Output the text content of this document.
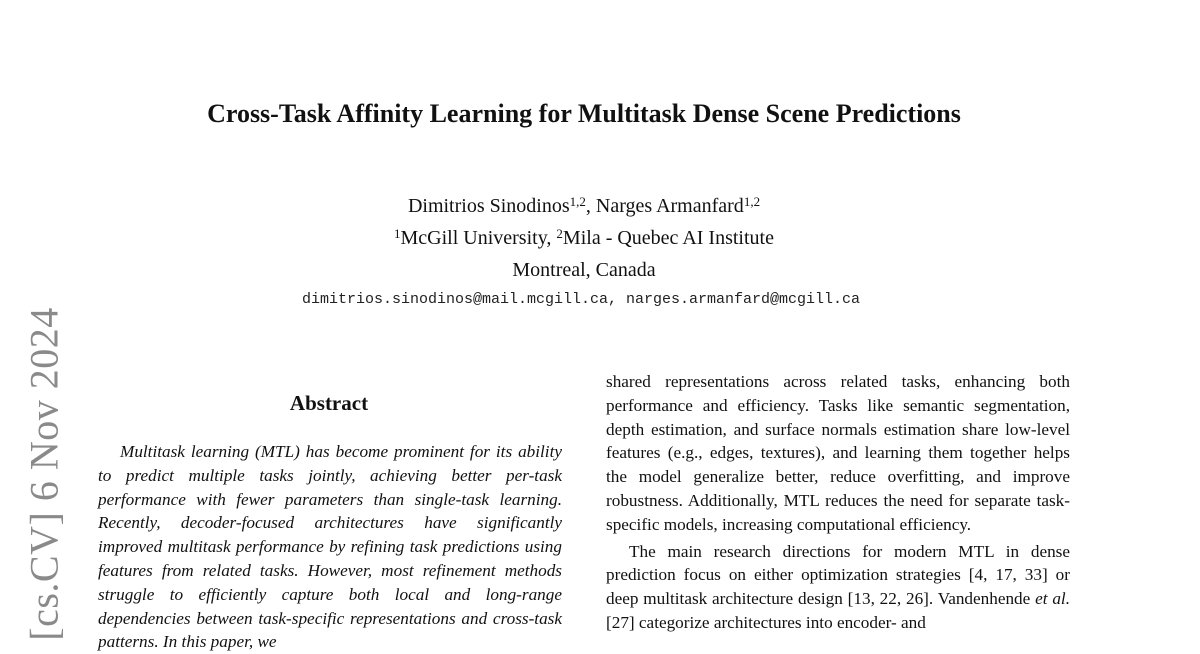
[cs.CV] 6 Nov 2024
Cross-Task Affinity Learning for Multitask Dense Scene Predictions
Dimitrios Sinodinos$^{1,2}$, Narges Armanfard$^{1,2}$
$^1$McGill University, $^2$Mila - Quebec AI Institute
Montreal, Canada
dimitrios.sinodinos@mail.mcgill.ca, narges.armanfard@mcgill.ca
Abstract

Multitask learning (MTL) has become prominent for its ability to predict multiple tasks jointly, achieving better per-task performance with fewer parameters than single-task learning. Recently, decoder-focused architectures have significantly improved multitask performance by refining task predictions using features from related tasks. However, most refinement methods struggle to efficiently capture both local and long-range dependencies between task-specific representations and cross-task patterns. In this paper, we

shared representations across related tasks, enhancing both performance and efficiency. Tasks like semantic segmentation, depth estimation, and surface normals estimation share low-level features (e.g., edges, textures), and learning them together helps the model generalize better, reduce overfitting, and improve robustness. Additionally, MTL reduces the need for separate task-specific models, increasing computational efficiency.

The main research directions for modern MTL in dense prediction focus on either optimization strategies [4, 17, 33] or deep multitask architecture design [13, 22, 26]. Vandenhende et al. [27] categorize architectures into encoder- and
